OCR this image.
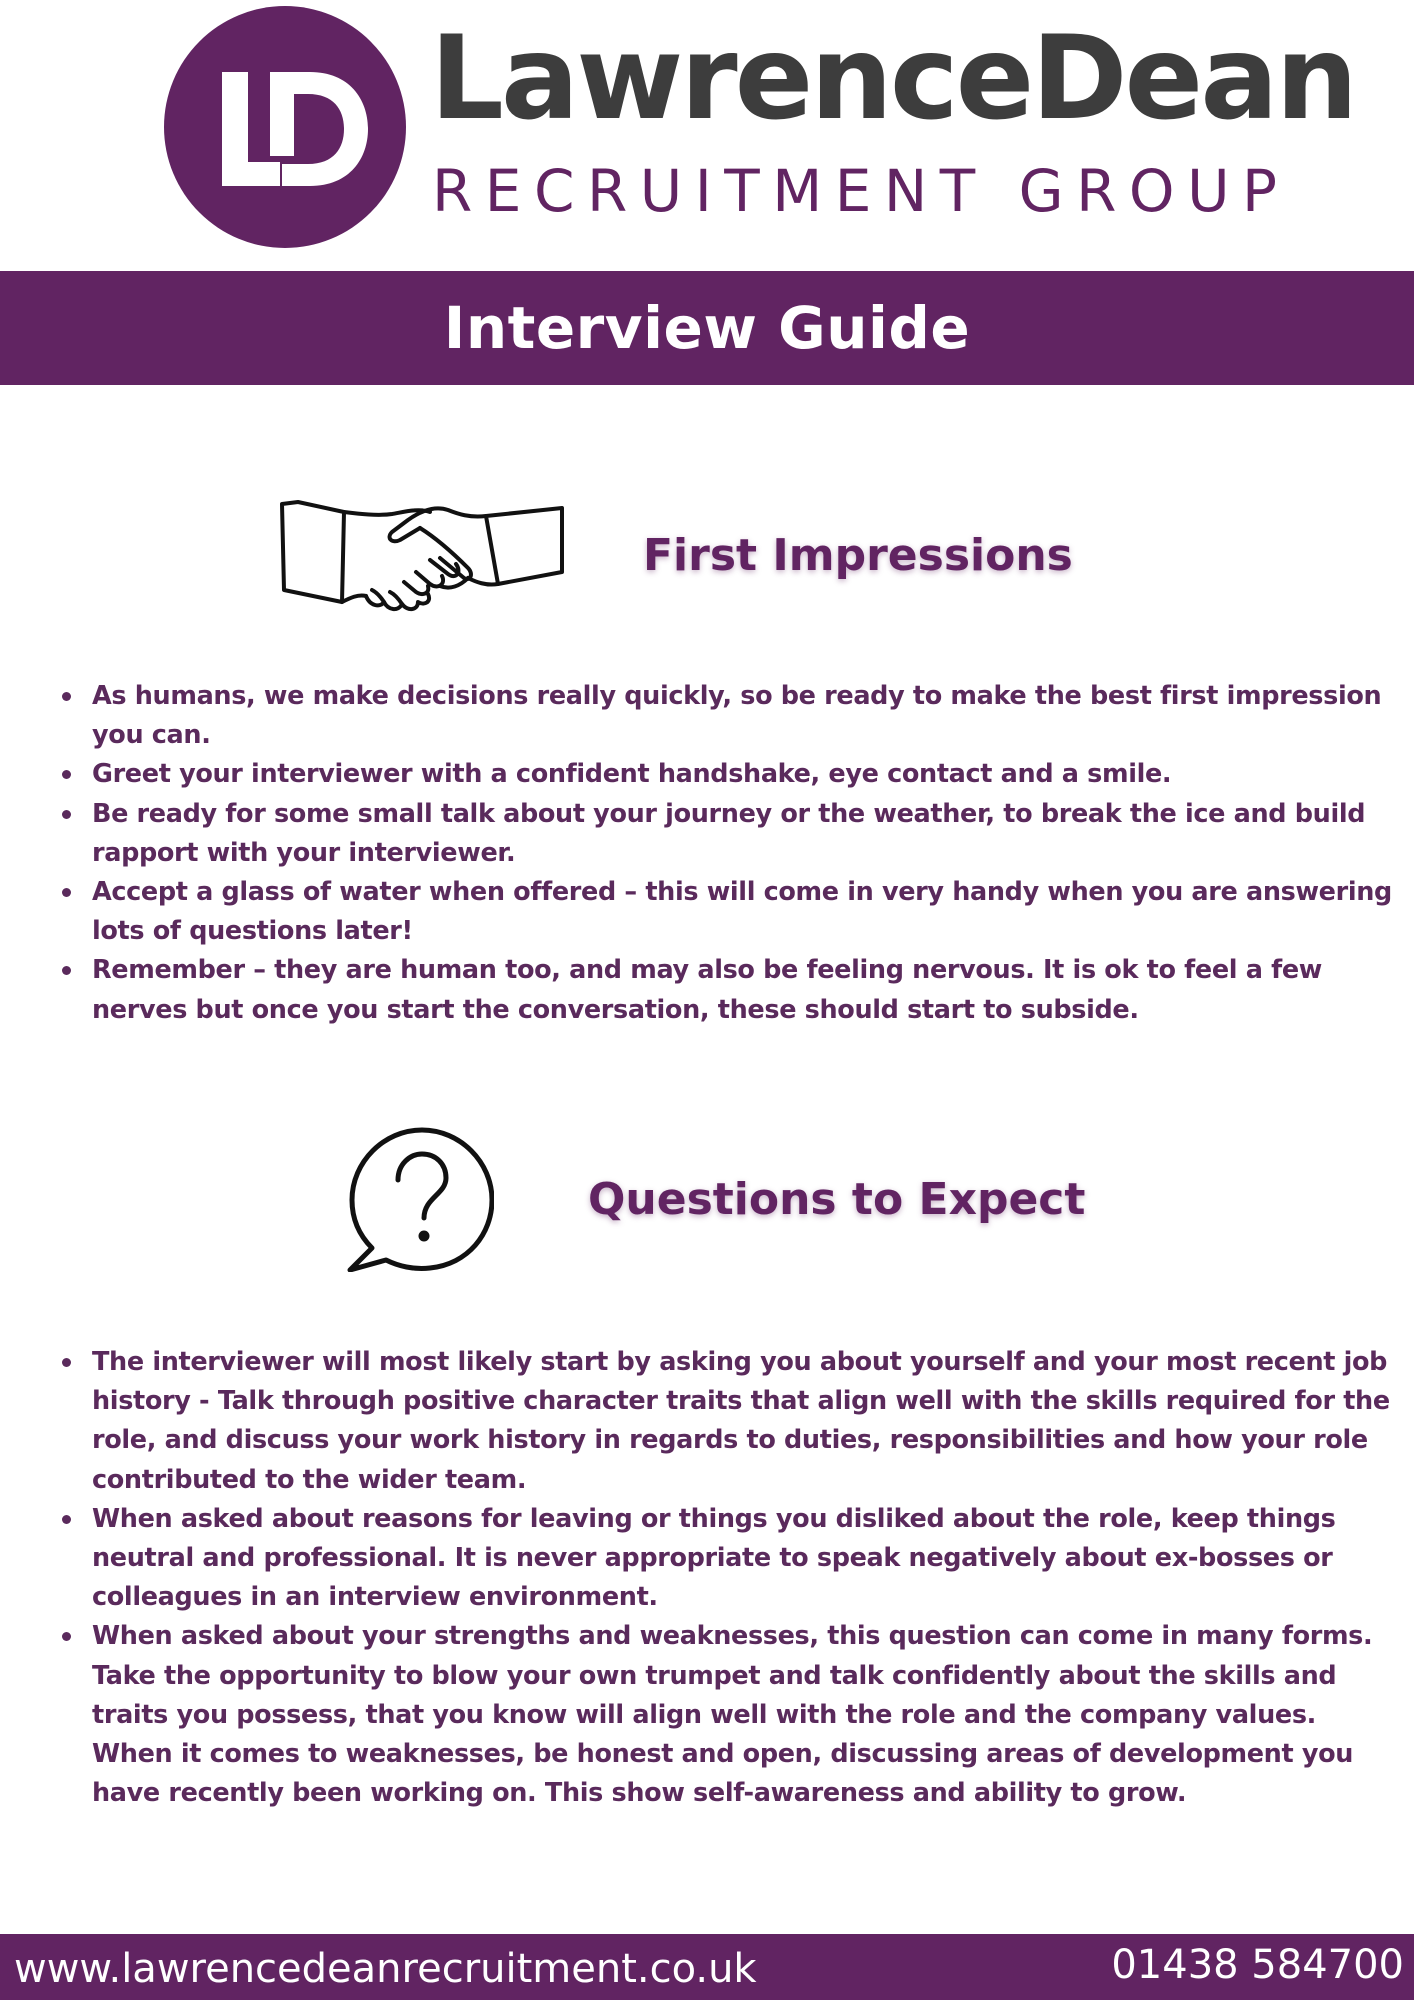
LawrenceDean
RECRUITMENT GROUP
Interview Guide
First Impressions
As humans, we make decisions really quickly, so be ready to make the best first impression you can.
Greet your interviewer with a confident handshake, eye contact and a smile.
Be ready for some small talk about your journey or the weather, to break the ice and build rapport with your interviewer.
Accept a glass of water when offered – this will come in very handy when you are answering lots of questions later!
Remember – they are human too, and may also be feeling nervous. It is ok to feel a few nerves but once you start the conversation, these should start to subside.
Questions to Expect
The interviewer will most likely start by asking you about yourself and your most recent job history - Talk through positive character traits that align well with the skills required for the role, and discuss your work history in regards to duties, responsibilities and how your role contributed to the wider team.
When asked about reasons for leaving or things you disliked about the role, keep things neutral and professional. It is never appropriate to speak negatively about ex-bosses or colleagues in an interview environment.
When asked about your strengths and weaknesses, this question can come in many forms. Take the opportunity to blow your own trumpet and talk confidently about the skills and traits you possess, that you know will align well with the role and the company values. When it comes to weaknesses, be honest and open, discussing areas of development you have recently been working on. This show self-awareness and ability to grow.
www.lawrencedeanrecruitment.co.uk	01438 584700
